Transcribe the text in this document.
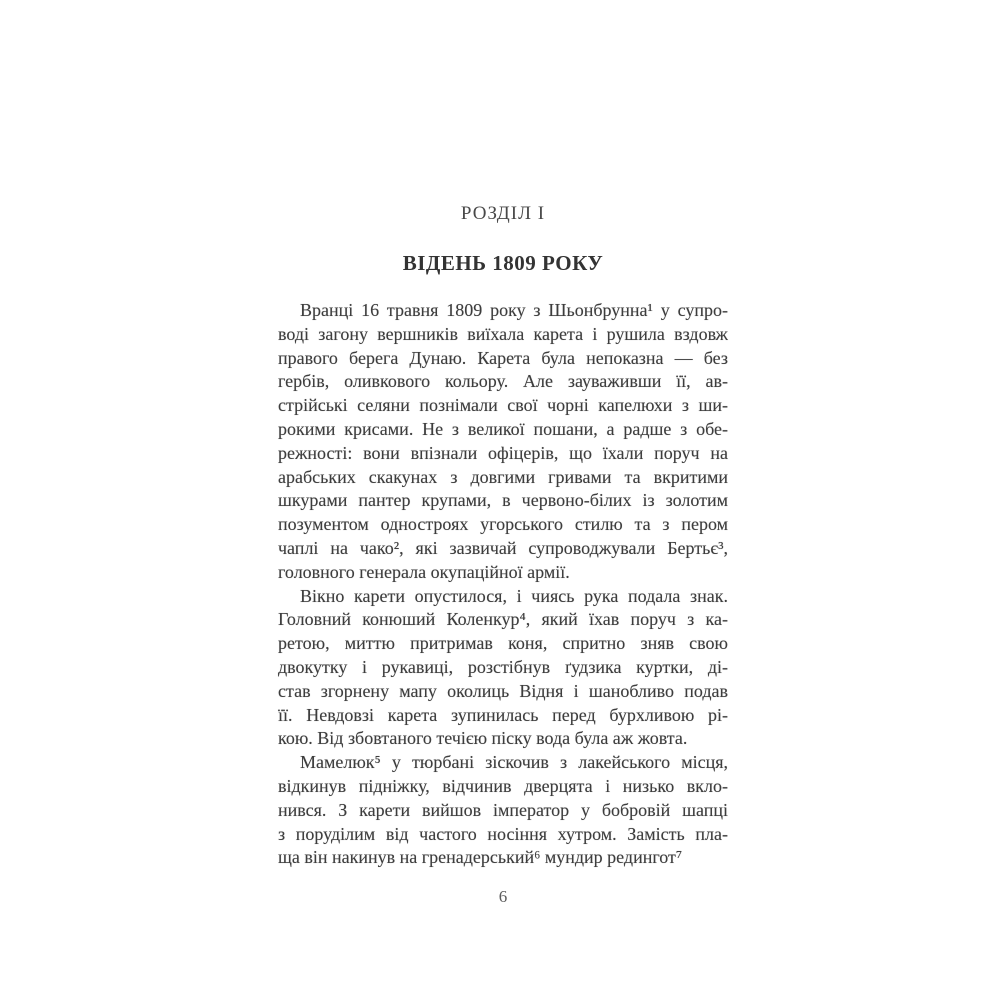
РОЗДІЛ I
ВІДЕНЬ 1809 РОКУ
Вранці 16 травня 1809 року з Шьонбрунна¹ у супро-
воді загону вершників виїхала карета і рушила вздовж
правого берега Дунаю. Карета була непоказна — без
гербів, оливкового кольору. Але зауваживши її, ав-
стрійські селяни познімали свої чорні капелюхи з ши-
рокими крисами. Не з великої пошани, а радше з обе-
режності: вони впізнали офіцерів, що їхали поруч на
арабських скакунах з довгими гривами та вкритими
шкурами пантер крупами, в червоно-білих із золотим
позументом одностроях угорського стилю та з пером
чаплі на чако², які зазвичай супроводжували Бертьє³,
головного генерала окупаційної армії.
Вікно карети опустилося, і чиясь рука подала знак.
Головний конюший Коленкур⁴, який їхав поруч з ка-
ретою, миттю притримав коня, спритно зняв свою
двокутку і рукавиці, розстібнув ґудзика куртки, ді-
став згорнену мапу околиць Відня і шанобливо подав
її. Невдовзі карета зупинилась перед бурхливою рі-
кою. Від збовтаного течією піску вода була аж жовта.
Мамелюк⁵ у тюрбані зіскочив з лакейського місця,
відкинув підніжку, відчинив дверцята і низько вкло-
нився. З карети вийшов імператор у бобровій шапці
з поруділим від частого носіння хутром. Замість пла-
ща він накинув на гренадерський⁶ мундир редингот⁷
6
